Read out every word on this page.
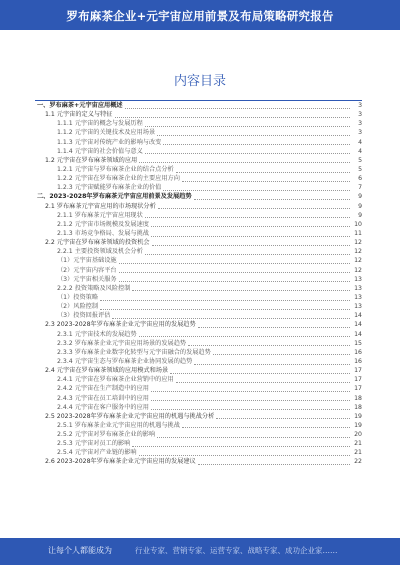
罗布麻茶企业+元宇宙应用前景及布局策略研究报告
内容目录
一、罗布麻茶+元宇宙应用概述	3
1.1 元宇宙的定义与特征	3
1.1.1 元宇宙的概念与发展历程	3
1.1.2 元宇宙的关键技术及应用场景	3
1.1.3 元宇宙对传统产业的影响与改变	4
1.1.4 元宇宙的社会价值与意义	4
1.2 元宇宙在罗布麻茶领域的应用	5
1.2.1 元宇宙与罗布麻茶企业的结合点分析	5
1.2.2 元宇宙在罗布麻茶企业的主要应用方向	6
1.2.3 元宇宙赋能罗布麻茶企业的价值	7
二、2023-2028年罗布麻茶元宇宙应用前景及发展趋势	9
2.1 罗布麻茶元宇宙应用的市场现状分析	9
2.1.1 罗布麻茶元宇宙应用现状	9
2.1.2 元宇宙市场规模及发展速度	10
2.1.3 市场竞争格局、发展与挑战	11
2.2 元宇宙在罗布麻茶领域的投资机会	12
2.2.1 主要投资领域及机会分析	12
（1）元宇宙基础设施	12
（2）元宇宙内容平台	12
（3）元宇宙相关服务	13
2.2.2 投资策略及风险控制	13
（1）投资策略	13
（2）风险控制	13
（3）投资回报评估	14
2.3 2023-2028年罗布麻茶企业元宇宙应用的发展趋势	14
2.3.1 元宇宙技术的发展趋势	14
2.3.2 罗布麻茶企业元宇宙应用场景的发展趋势	15
2.3.3 罗布麻茶企业数字化转型与元宇宙融合的发展趋势	16
2.3.4 元宇宙生态与罗布麻茶企业协同发展的趋势	16
2.4 元宇宙在罗布麻茶领域的应用模式和场景	17
2.4.1 元宇宙在罗布麻茶企业营销中的应用	17
2.4.2 元宇宙在生产制造中的应用	17
2.4.3 元宇宙在员工培训中的应用	18
2.4.4 元宇宙在客户服务中的应用	18
2.5 2023-2028年罗布麻茶企业元宇宙应用的机遇与挑战分析	19
2.5.1 罗布麻茶企业元宇宙应用的机遇与挑战	19
2.5.2 元宇宙对罗布麻茶企业的影响	20
2.5.3 元宇宙对员工的影响	21
2.5.4 元宇宙对产业链的影响	21
2.6 2023-2028年罗布麻茶企业元宇宙应用的发展建议	22
让每个人都能成为	行业专家、营销专家、运营专家、战略专家、成功企业家……
